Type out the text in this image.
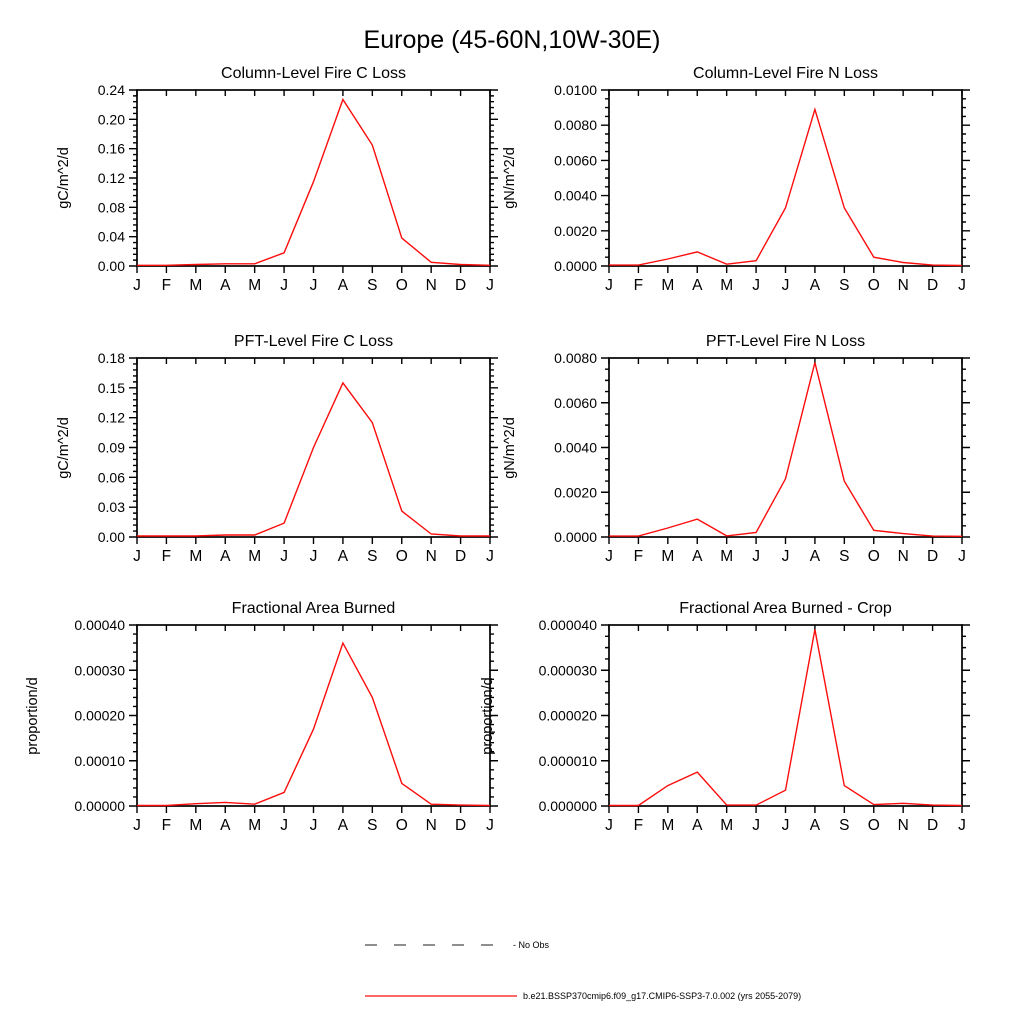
Europe (45-60N,10W-30E)
Column-Level Fire C Loss
gC/m^2/d
0.00
0.04
0.08
0.12
0.16
0.20
0.24
J F M A M J J A S O N D J
Column-Level Fire N Loss
gN/m^2/d
0.0000
0.0020
0.0040
0.0060
0.0080
0.0100
J F M A M J J A S O N D J
PFT-Level Fire C Loss
gC/m^2/d
0.00
0.03
0.06
0.09
0.12
0.15
0.18
J F M A M J J A S O N D J
PFT-Level Fire N Loss
gN/m^2/d
0.0000
0.0020
0.0040
0.0060
0.0080
J F M A M J J A S O N D J
Fractional Area Burned
proportion/d
0.00000
0.00010
0.00020
0.00030
0.00040
J F M A M J J A S O N D J
Fractional Area Burned - Crop
proportion/d
0.000000
0.000010
0.000020
0.000030
0.000040
J F M A M J J A S O N D J
- No Obs
b.e21.BSSP370cmip6.f09_g17.CMIP6-SSP3-7.0.002 (yrs 2055-2079)
